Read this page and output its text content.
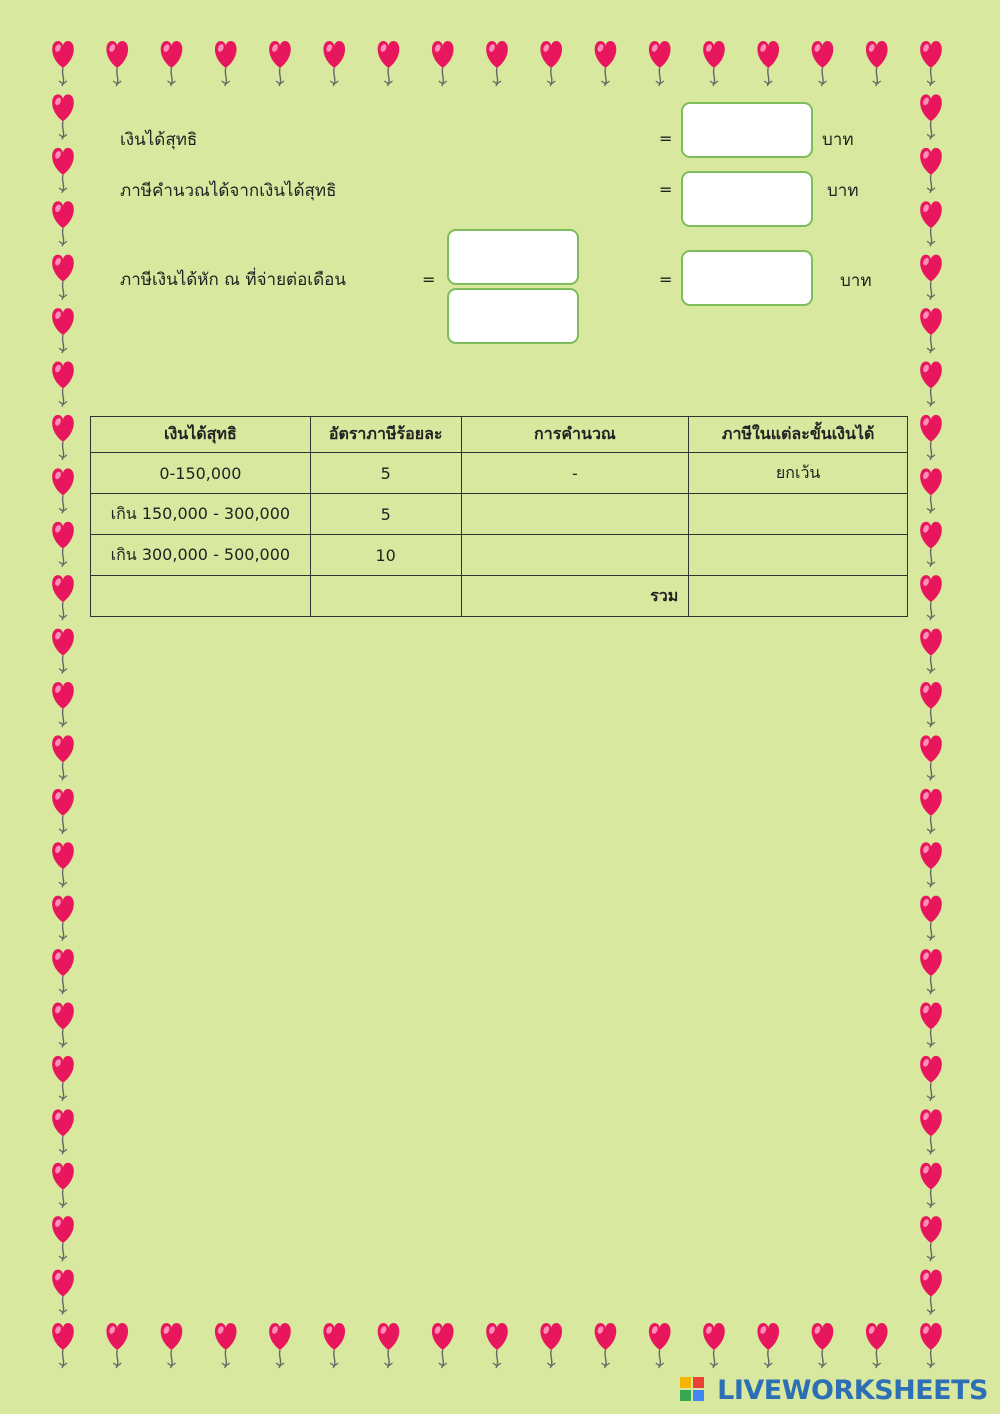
เงินได้สุทธิ	=	บาท
ภาษีคำนวณได้จากเงินได้สุทธิ	=	บาท
ภาษีเงินได้หัก ณ ที่จ่ายต่อเดือน	=	=	บาท
เงินได้สุทธิ	อัตราภาษีร้อยละ	การคำนวณ	ภาษีในแต่ละขั้นเงินได้
0-150,000	5	-	ยกเว้น
เกิน 150,000 - 300,000	5		
เกิน 300,000 - 500,000	10		
		รวม	
LIVEWORKSHEETS
